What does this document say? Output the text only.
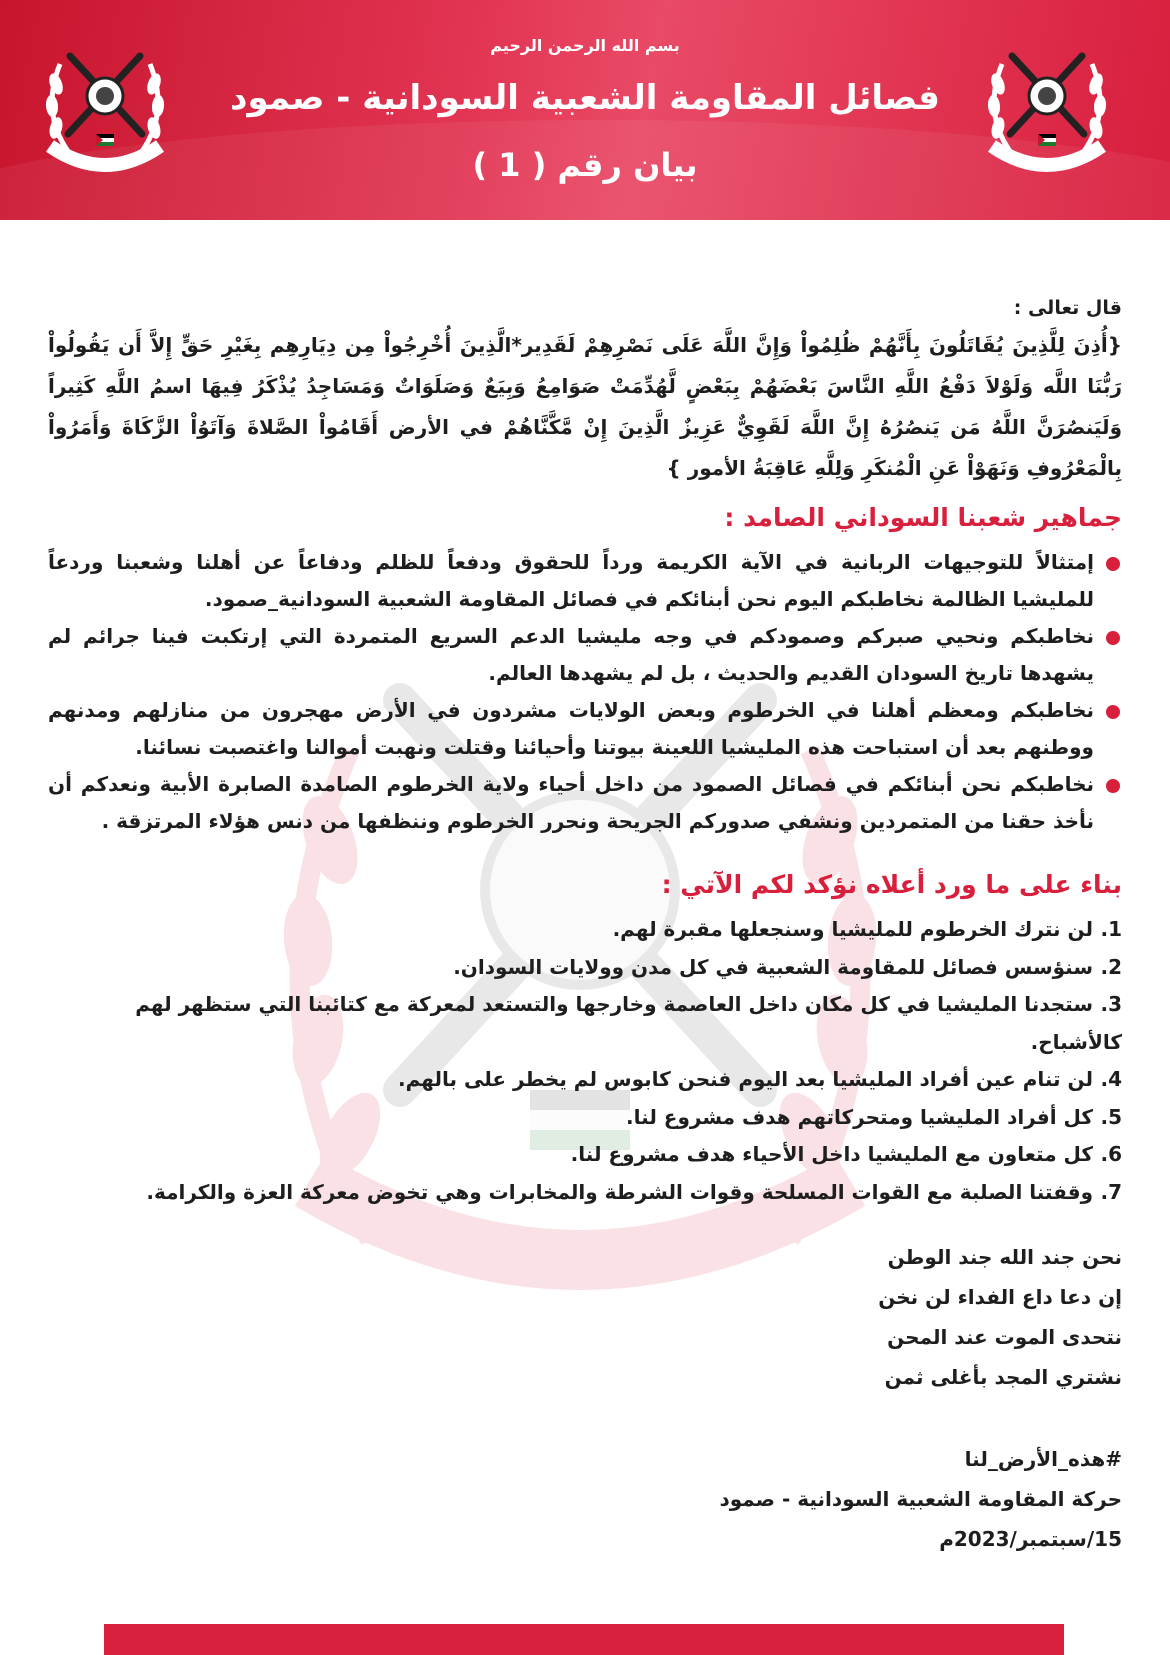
بسم الله الرحمن الرحيم
فصائل المقاومة الشعبية السودانية - صمود
بيان رقم ( 1 )

قال تعالى :

{أُذِنَ لِلَّذِينَ يُقَاتَلُونَ بِأَنَّهُمْ ظُلِمُواْ وَإِنَّ اللَّهَ عَلَى نَصْرِهِمْ لَقَدِير*الَّذِينَ أُخْرِجُواْ مِن دِيَارِهِم بِغَيْرِ حَقٍّ إِلاَّ أَن يَقُولُواْ رَبُّنَا اللَّه وَلَوْلاَ دَفْعُ اللَّهِ النَّاسَ بَعْضَهُمْ بِبَعْضٍ لَّهُدِّمَتْ صَوَامِعُ وَبِيَعٌ وَصَلَوَاتٌ وَمَسَاجِدُ يُذْكَرُ فِيهَا اسمُ اللَّهِ كَثِيراً وَلَيَنصُرَنَّ اللَّهُ مَن يَنصُرُهُ إِنَّ اللَّهَ لَقَوِيٌّ عَزِيزٌ الَّذِينَ إِنْ مَّكَّنَّاهُمْ في الأرض أَقَامُواْ الصَّلاةَ وَآتَوُاْ الزَّكَاةَ وَأَمَرُواْ بِالْمَعْرُوفِ وَنَهَوْاْ عَنِ الْمُنكَرِ وَلِلَّهِ عَاقِبَةُ الأمور }

جماهير شعبنا السوداني الصامد :
إمتثالاً للتوجيهات الربانية في الآية الكريمة ورداً للحقوق ودفعاً للظلم ودفاعاً عن أهلنا وشعبنا وردعاً للمليشيا الظالمة نخاطبكم اليوم نحن أبنائكم في فصائل المقاومة الشعبية السودانية_صمود.
نخاطبكم ونحيي صبركم وصمودكم في وجه مليشيا الدعم السريع المتمردة التي إرتكبت فينا جرائم لم يشهدها تاريخ السودان القديم والحديث ، بل لم يشهدها العالم.
نخاطبكم ومعظم أهلنا في الخرطوم وبعض الولايات مشردون في الأرض مهجرون من منازلهم ومدنهم ووطنهم بعد أن استباحت هذه المليشيا اللعينة بيوتنا وأحيائنا وقتلت ونهبت أموالنا واغتصبت نسائنا.
نخاطبكم نحن أبنائكم في فصائل الصمود من داخل أحياء ولاية الخرطوم الصامدة الصابرة الأبية ونعدكم أن نأخذ حقنا من المتمردين ونشفي صدوركم الجريحة ونحرر الخرطوم وننظفها من دنس هؤلاء المرتزقة .
بناء على ما ورد أعلاه نؤكد لكم الآتي :
1. لن نترك الخرطوم للمليشيا وسنجعلها مقبرة لهم.
2. سنؤسس فصائل للمقاومة الشعبية في كل مدن وولايات السودان.
3. ستجدنا المليشيا في كل مكان داخل العاصمة وخارجها والتستعد لمعركة مع كتائبنا التي ستظهر لهم كالأشباح.
4. لن تنام عين أفراد المليشيا بعد اليوم فنحن كابوس لم يخطر على بالهم.
5. كل أفراد المليشيا ومتحركاتهم هدف مشروع لنا.
6. كل متعاون مع المليشيا داخل الأحياء هدف مشروع لنا.
7. وقفتنا الصلبة مع القوات المسلحة وقوات الشرطة والمخابرات وهي تخوض معركة العزة والكرامة.
نحن جند الله جند الوطن
إن دعا داع الفداء لن نخن
نتحدى الموت عند المحن
نشتري المجد بأغلى ثمن
#هذه_الأرض_لنا
حركة المقاومة الشعبية السودانية - صمود
15/سبتمبر/2023م
